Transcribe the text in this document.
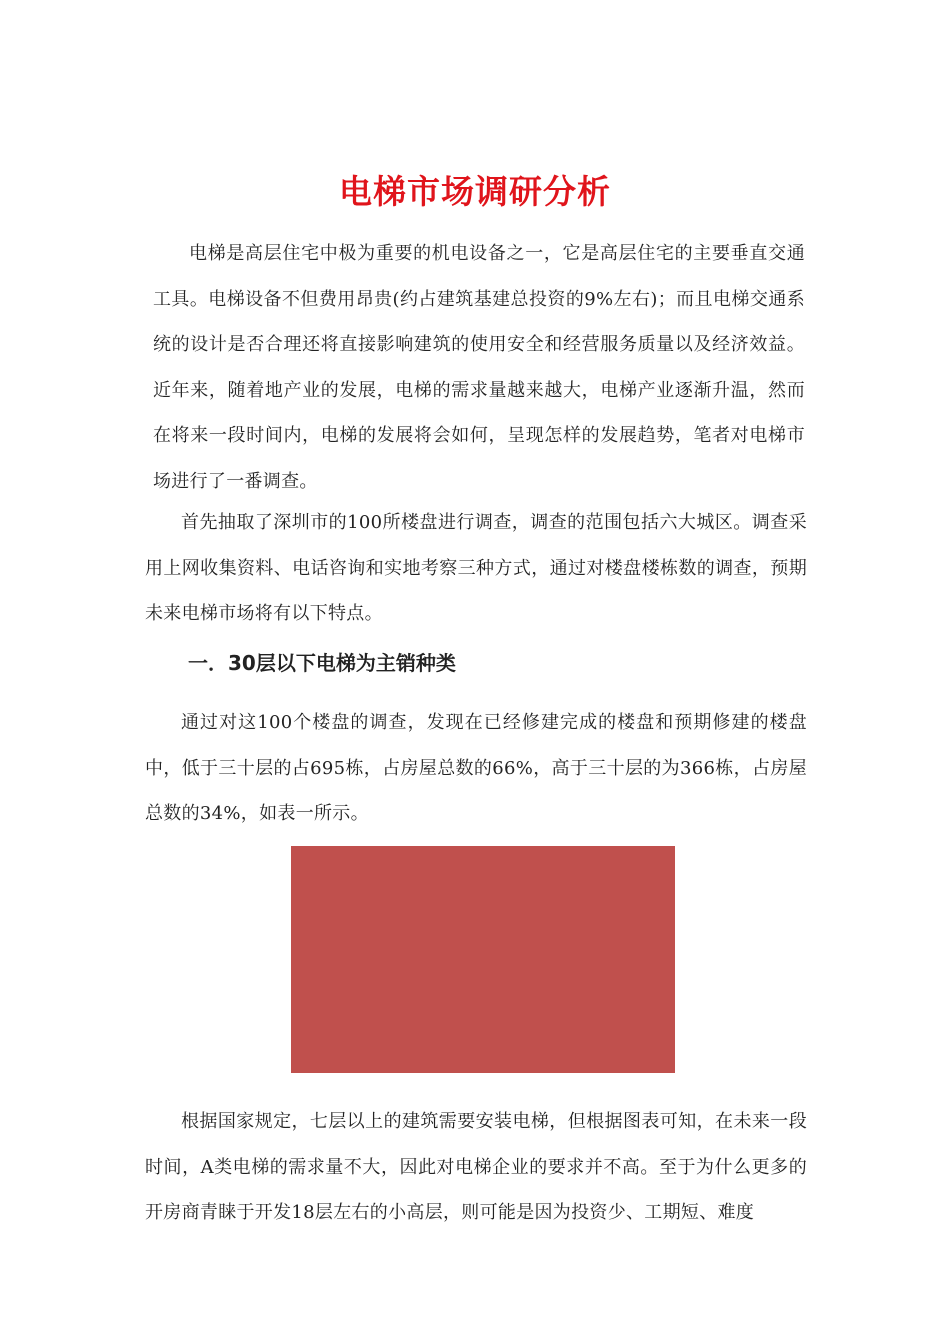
电梯市场调研分析
电梯是高层住宅中极为重要的机电设备之一，它是高层住宅的主要垂直交通工具。电梯设备不但费用昂贵(约占建筑基建总投资的9%左右)；而且电梯交通系统的设计是否合理还将直接影响建筑的使用安全和经营服务质量以及经济效益。近年来，随着地产业的发展，电梯的需求量越来越大，电梯产业逐渐升温，然而在将来一段时间内，电梯的发展将会如何，呈现怎样的发展趋势，笔者对电梯市场进行了一番调查。
首先抽取了深圳市的100所楼盘进行调查，调查的范围包括六大城区。调查采用上网收集资料、电话咨询和实地考察三种方式，通过对楼盘楼栋数的调查，预期未来电梯市场将有以下特点。
一．30层以下电梯为主销种类
通过对这100个楼盘的调查，发现在已经修建完成的楼盘和预期修建的楼盘中，低于三十层的占695栋，占房屋总数的66%，高于三十层的为366栋，占房屋总数的34%，如表一所示。
根据国家规定，七层以上的建筑需要安装电梯，但根据图表可知，在未来一段时间，A类电梯的需求量不大，因此对电梯企业的要求并不高。至于为什么更多的开房商青睐于开发18层左右的小高层，则可能是因为投资少、工期短、难度
